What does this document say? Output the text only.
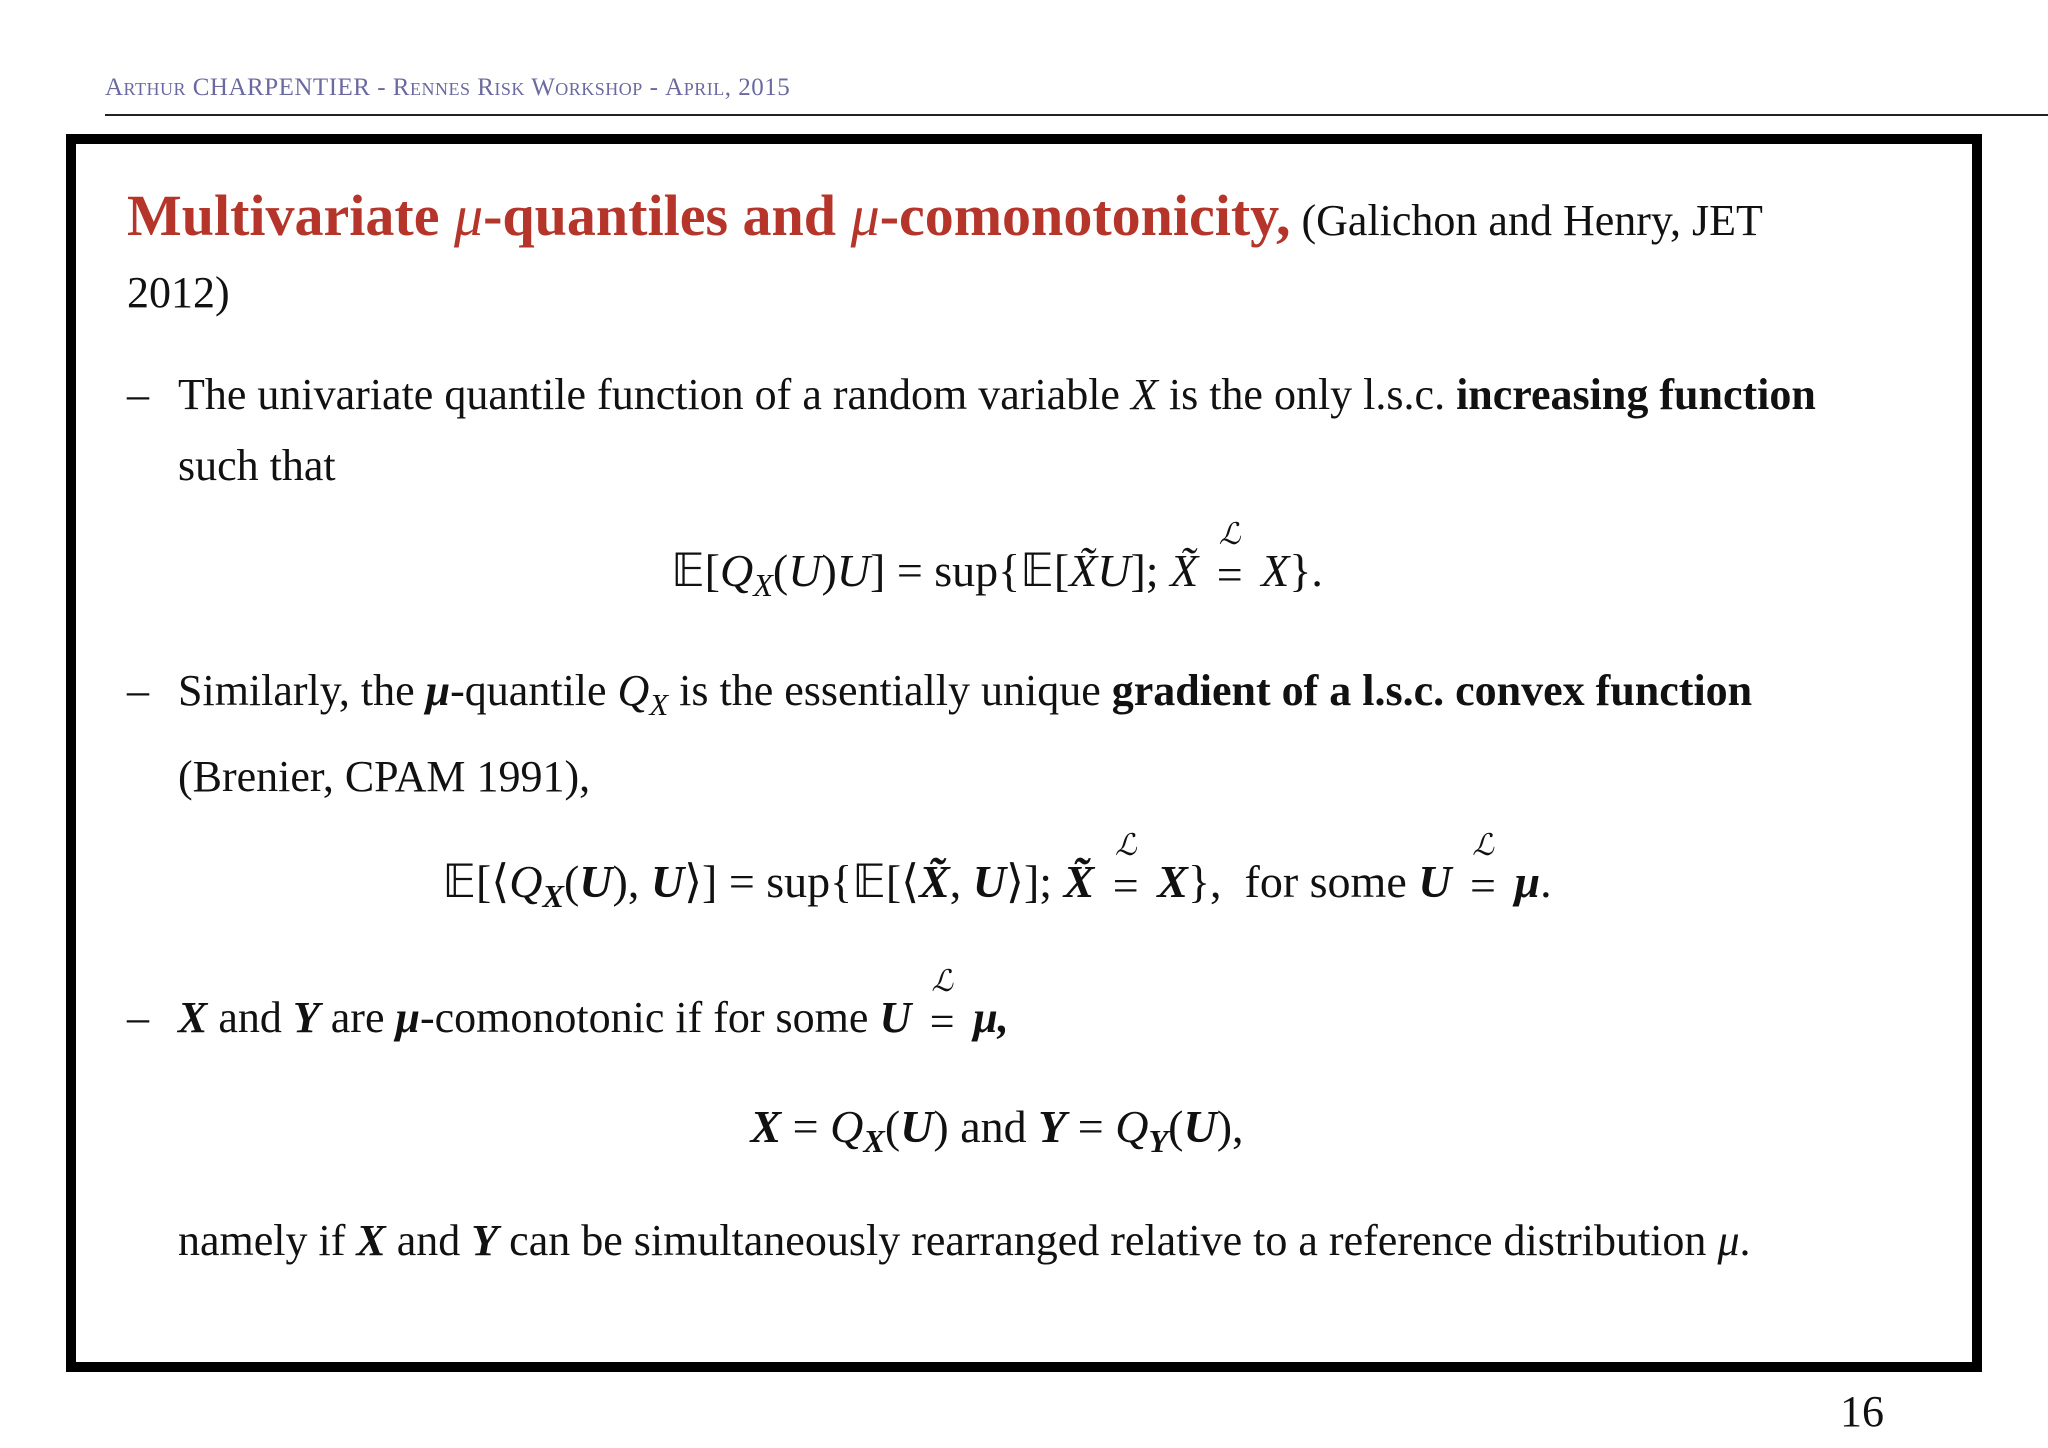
Arthur CHARPENTIER - Rennes Risk Workshop - April, 2015
Multivariate μ-quantiles and μ-comonotonicity, (Galichon and Henry, JET 2012)
– The univariate quantile function of a random variable X is the only l.s.c. increasing function such that
$𝔼[Q_X(U)U]$ = sup{𝔼[X̃U]; X̃
ℒ
= X}.
– Similarly, the μ-quantile $Q_X$ is the essentially unique gradient of a l.s.c. convex function (Brenier, CPAM 1991),
$𝔼[⟨Q_X(U)$, U⟩] = sup{𝔼[⟨X̃, U⟩]; X̃
ℒ
= X},  for some U
ℒ
= μ.
– X and Y are μ-comonotonic if for some U
ℒ
= μ,
$X = Q_X(U)$ and $Y = Q_Y(U)$,
namely if X and Y can be simultaneously rearranged relative to a reference distribution μ.
16
